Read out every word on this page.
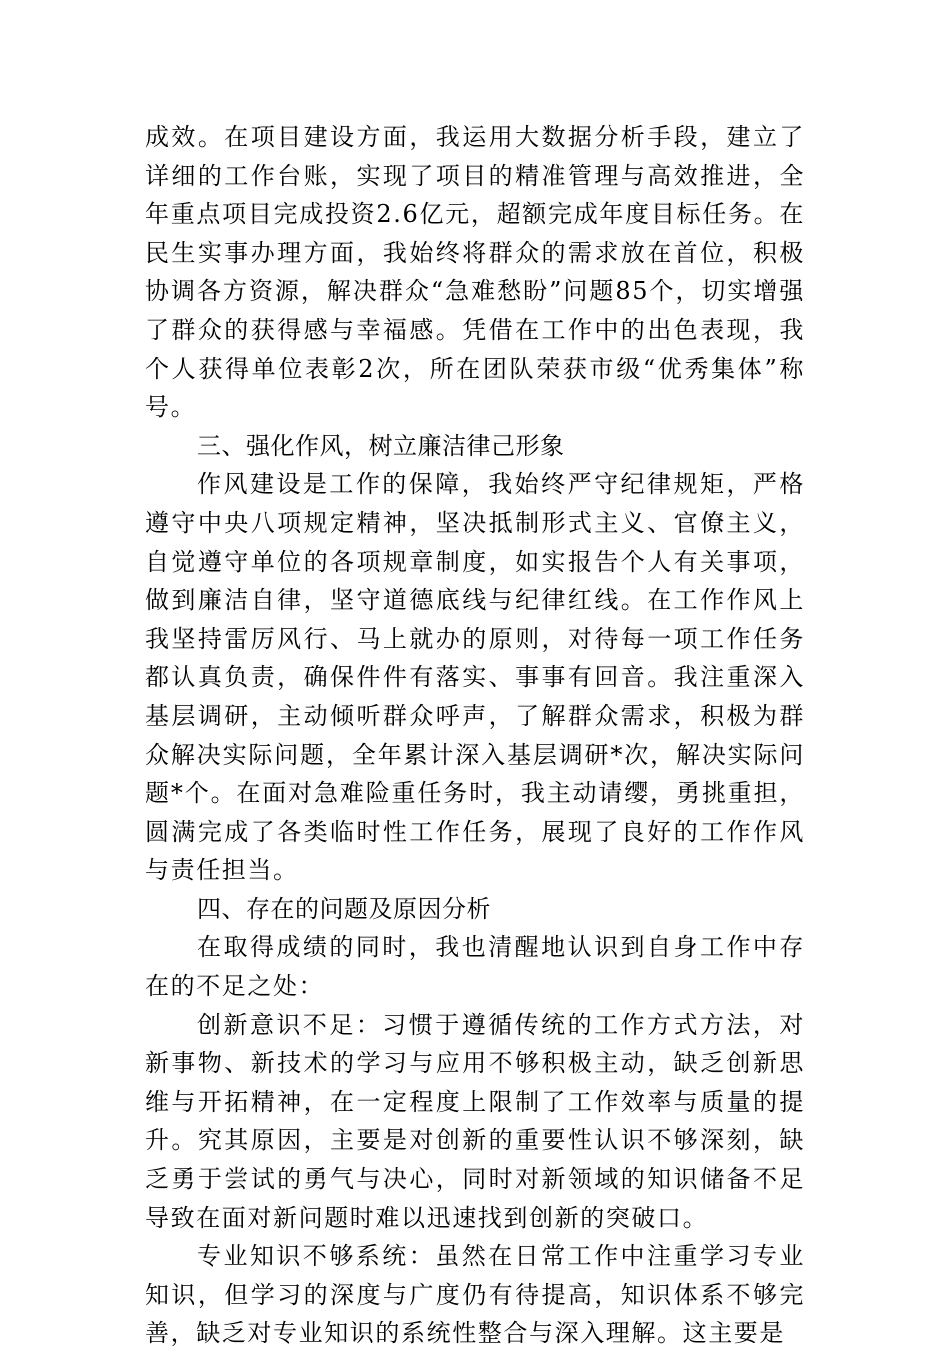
成效。在项目建设方面，我运用大数据分析手段，建立了详细的工作台账，实现了项目的精准管理与高效推进，全年重点项目完成投资2.6亿元，超额完成年度目标任务。在民生实事办理方面，我始终将群众的需求放在首位，积极协调各方资源，解决群众“急难愁盼”问题85个，切实增强了群众的获得感与幸福感。凭借在工作中的出色表现，我个人获得单位表彰2次，所在团队荣获市级“优秀集体”称号。

三、强化作风，树立廉洁律己形象

作风建设是工作的保障，我始终严守纪律规矩，严格遵守中央八项规定精神，坚决抵制形式主义、官僚主义，自觉遵守单位的各项规章制度，如实报告个人有关事项，做到廉洁自律，坚守道德底线与纪律红线。在工作作风上我坚持雷厉风行、马上就办的原则，对待每一项工作任务都认真负责，确保件件有落实、事事有回音。我注重深入基层调研，主动倾听群众呼声，了解群众需求，积极为群众解决实际问题，全年累计深入基层调研*次，解决实际问题*个。在面对急难险重任务时，我主动请缨，勇挑重担，圆满完成了各类临时性工作任务，展现了良好的工作作风与责任担当。

四、存在的问题及原因分析

在取得成绩的同时，我也清醒地认识到自身工作中存在的不足之处：

创新意识不足：习惯于遵循传统的工作方式方法，对新事物、新技术的学习与应用不够积极主动，缺乏创新思维与开拓精神，在一定程度上限制了工作效率与质量的提升。究其原因，主要是对创新的重要性认识不够深刻，缺乏勇于尝试的勇气与决心，同时对新领域的知识储备不足导致在面对新问题时难以迅速找到创新的突破口。

专业知识不够系统：虽然在日常工作中注重学习专业知识，但学习的深度与广度仍有待提高，知识体系不够完善，缺乏对专业知识的系统性整合与深入理解。这主要是
